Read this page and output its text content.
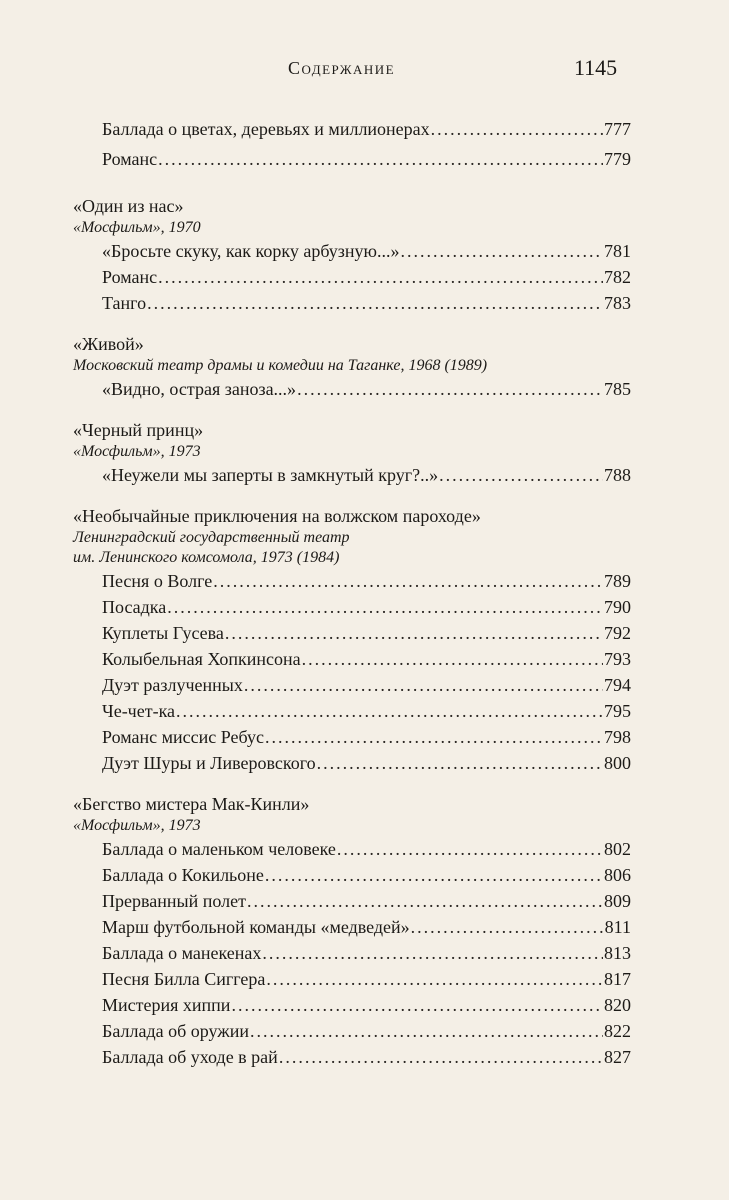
Содержание	1145
Баллада о цветах, деревьях и миллионерах .....	777
Романс .....	779
«Один из нас»
«Мосфильм», 1970
«Бросьте скуку, как корку арбузную...» .....	781
Романс .....	782
Танго .....	783
«Живой»
Московский театр драмы и комедии на Таганке, 1968 (1989)
«Видно, острая заноза...» .....	785
«Черный принц»
«Мосфильм», 1973
«Неужели мы заперты в замкнутый круг?..» .....	788
«Необычайные приключения на волжском пароходе»
Ленинградский государственный театр
им. Ленинского комсомола, 1973 (1984)
Песня о Волге .....	789
Посадка .....	790
Куплеты Гусева .....	792
Колыбельная Хопкинсона .....	793
Дуэт разлученных .....	794
Че-чет-ка .....	795
Романс миссис Ребус .....	798
Дуэт Шуры и Ливеровского .....	800
«Бегство мистера Мак-Кинли»
«Мосфильм», 1973
Баллада о маленьком человеке .....	802
Баллада о Кокильоне .....	806
Прерванный полет .....	809
Марш футбольной команды «медведей» .....	811
Баллада о манекенах .....	813
Песня Билла Сиггера .....	817
Мистерия хиппи .....	820
Баллада об оружии .....	822
Баллада об уходе в рай .....	827
